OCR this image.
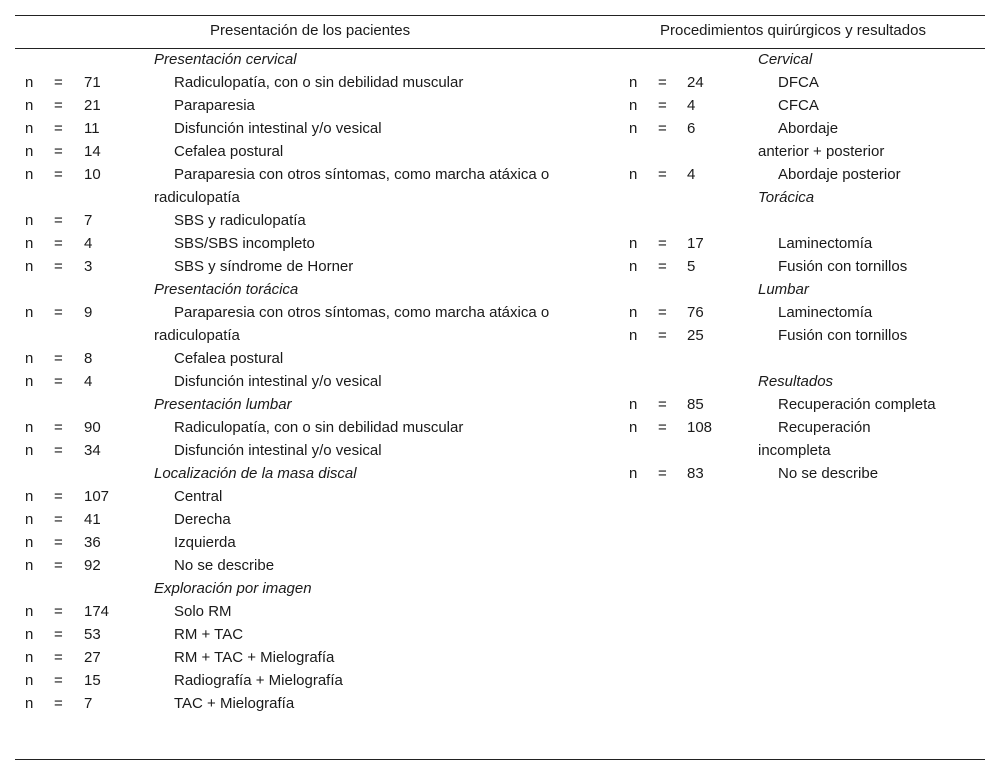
Presentación de los pacientes	Procedimientos quirúrgicos y resultados
Presentación cervical
n = 71	Radiculopatía, con o sin debilidad muscular
n = 21	Paraparesia
n = 11	Disfunción intestinal y/o vesical
n = 14	Cefalea postural
n = 10	Paraparesia con otros síntomas, como marcha atáxica o
radiculopatía
n = 7	SBS y radiculopatía
n = 4	SBS/SBS incompleto
n = 3	SBS y síndrome de Horner
Presentación torácica
n = 9	Paraparesia con otros síntomas, como marcha atáxica o
radiculopatía
n = 8	Cefalea postural
n = 4	Disfunción intestinal y/o vesical
Presentación lumbar
n = 90	Radiculopatía, con o sin debilidad muscular
n = 34	Disfunción intestinal y/o vesical
Localización de la masa discal
n = 107	Central
n = 41	Derecha
n = 36	Izquierda
n = 92	No se describe
Exploración por imagen
n = 174	Solo RM
n = 53	RM + TAC
n = 27	RM + TAC + Mielografía
n = 15	Radiografía + Mielografía
n = 7	TAC + Mielografía
Cervical
n = 24	DFCA
n = 4	CFCA
n = 6	Abordaje
anterior + posterior
n = 4	Abordaje posterior
Torácica
n = 17	Laminectomía
n = 5	Fusión con tornillos
Lumbar
n = 76	Laminectomía
n = 25	Fusión con tornillos
Resultados
n = 85	Recuperación completa
n = 108	Recuperación
incompleta
n = 83	No se describe
